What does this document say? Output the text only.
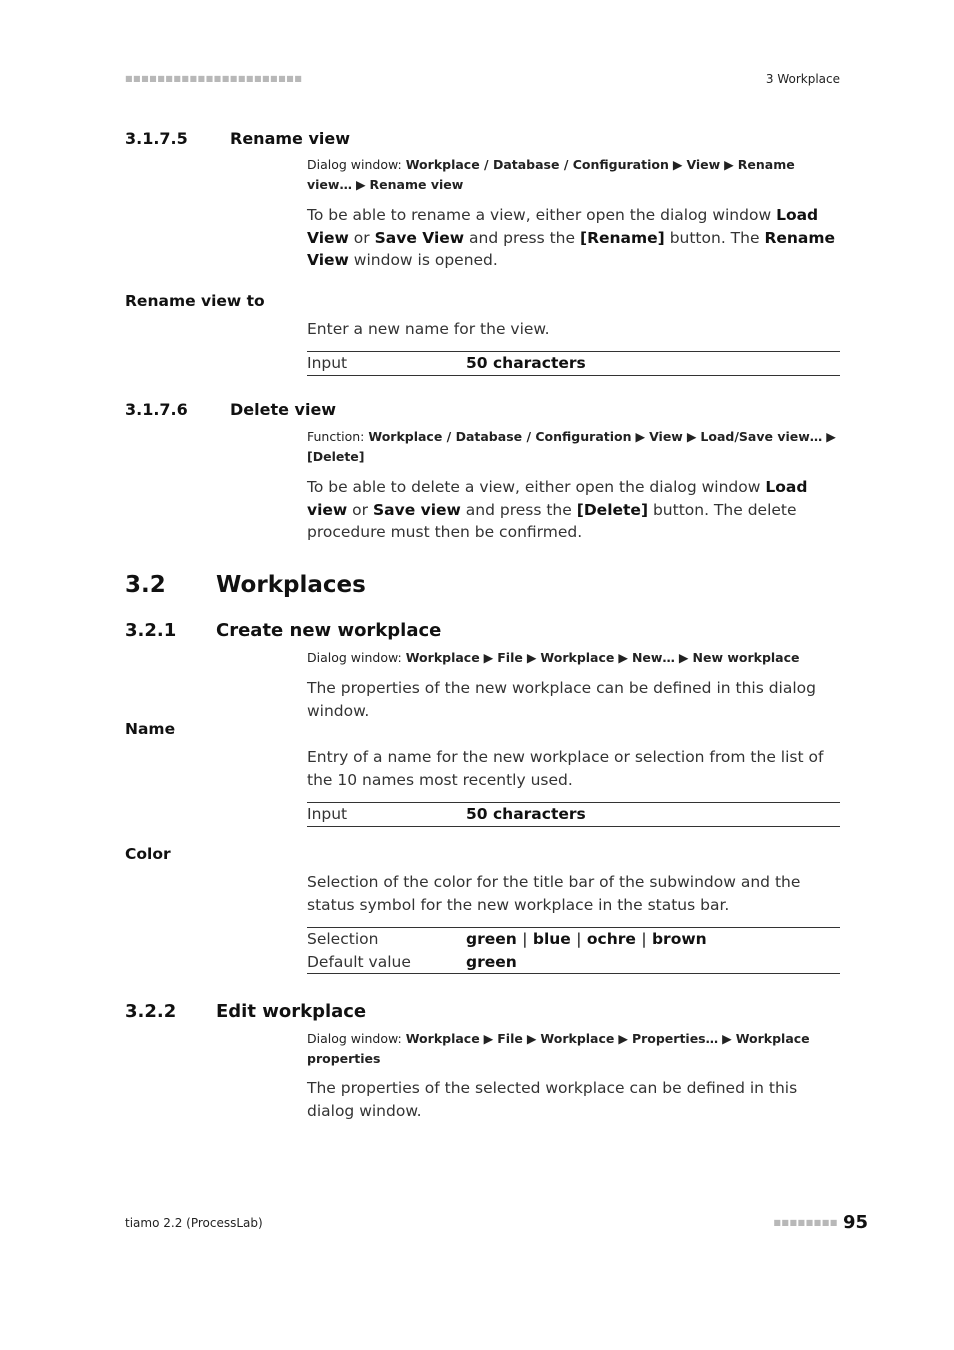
■■■■■■■■■■■■■■■■■■■■■■	3 Workplace
3.1.7.5	Rename view
Dialog window: Workplace / Database / Configuration ▶ View ▶ Rename view… ▶ Rename view
To be able to rename a view, either open the dialog window Load View or Save View and press the [Rename] button. The Rename View window is opened.
Rename view to
Enter a new name for the view.
Input	50 characters
3.1.7.6	Delete view
Function: Workplace / Database / Configuration ▶ View ▶ Load/Save view… ▶ [Delete]
To be able to delete a view, either open the dialog window Load view or Save view and press the [Delete] button. The delete procedure must then be confirmed.
3.2 Workplaces
3.2.1 Create new workplace
Dialog window: Workplace ▶ File ▶ Workplace ▶ New… ▶ New workplace
The properties of the new workplace can be defined in this dialog window.
Name
Entry of a name for the new workplace or selection from the list of the 10 names most recently used.
Input	50 characters
Color
Selection of the color for the title bar of the subwindow and the status symbol for the new workplace in the status bar.
Selection	green | blue | ochre | brown
Default value	green
3.2.2 Edit workplace
Dialog window: Workplace ▶ File ▶ Workplace ▶ Properties… ▶ Workplace properties
The properties of the selected workplace can be defined in this dialog window.
tiamo 2.2 (ProcessLab)	■■■■■■■■ 95
